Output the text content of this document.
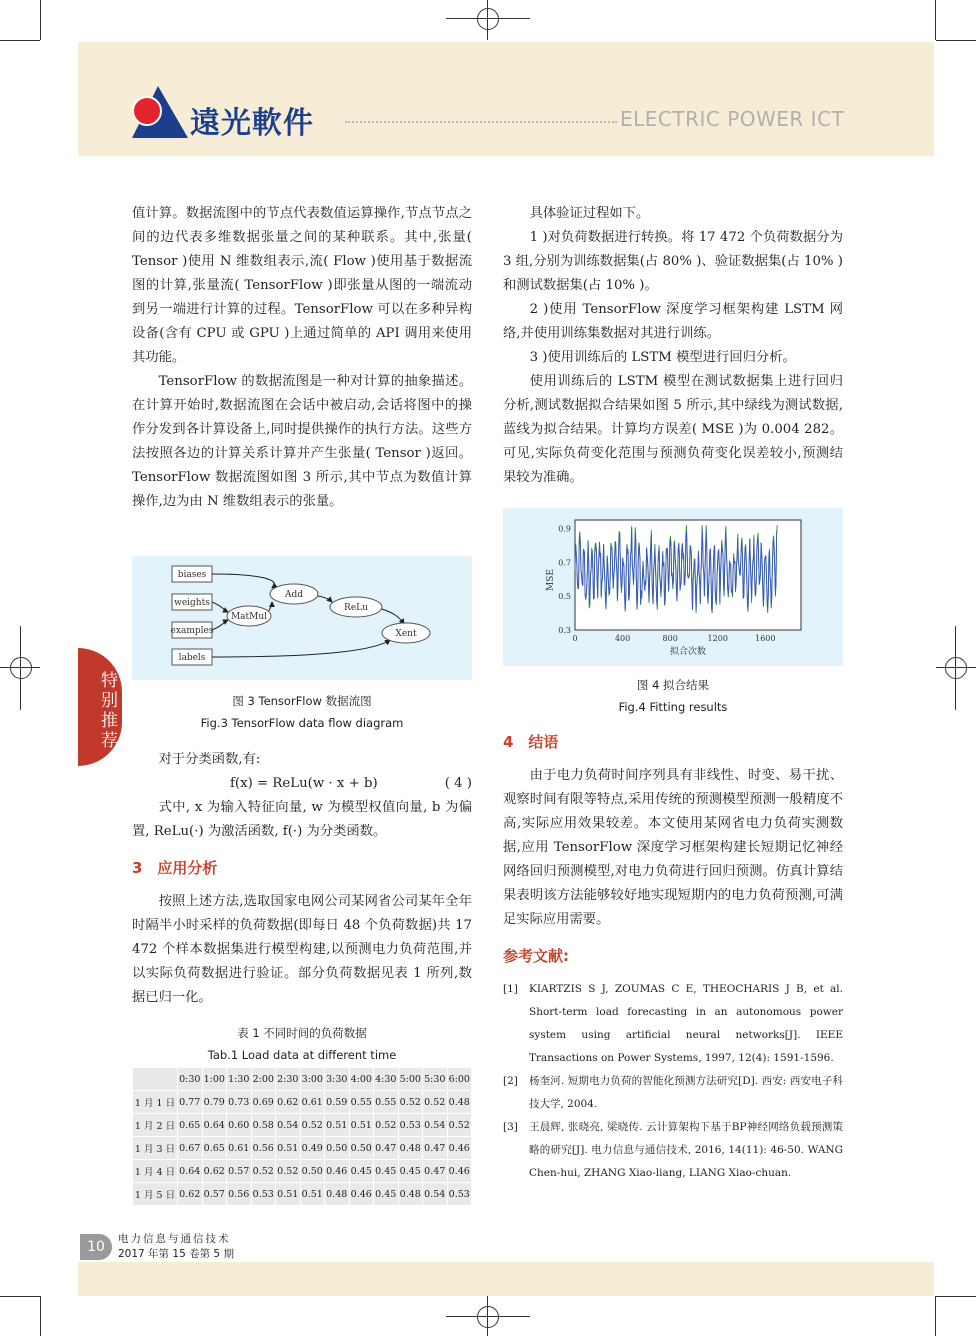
遠光軟件	ELECTRIC POWER ICT
特别推荐

值计算。数据流图中的节点代表数值运算操作,节点节点之间的边代表多维数据张量之间的某种联系。其中,张量( Tensor )使用 N 维数组表示,流( Flow )使用基于数据流图的计算,张量流( TensorFlow )即张量从图的一端流动到另一端进行计算的过程。TensorFlow 可以在多种异构设备(含有 CPU 或 GPU )上通过简单的 API 调用来使用其功能。

TensorFlow 的数据流图是一种对计算的抽象描述。在计算开始时,数据流图在会话中被启动,会话将图中的操作分发到各计算设备上,同时提供操作的执行方法。这些方法按照各边的计算关系计算并产生张量( Tensor )返回。TensorFlow 数据流图如图 3 所示,其中节点为数值计算操作,边为由 N 维数组表示的张量。

biases
weights
examples
labels
MatMul
Add
ReLu
Xent
图 3 TensorFlow 数据流图
Fig.3 TensorFlow data flow diagram

对于分类函数,有:

f(x) = ReLu(w · x + b)	( 4 )

式中, x 为输入特征向量, w 为模型权值向量, b 为偏置, ReLu(·) 为激活函数, f(·) 为分类函数。

3　应用分析

按照上述方法,选取国家电网公司某网省公司某年全年时隔半小时采样的负荷数据(即每日 48 个负荷数据)共 17 472 个样本数据集进行模型构建,以预测电力负荷范围,并以实际负荷数据进行验证。部分负荷数据见表 1 所列,数据已归一化。

表 1 不同时间的负荷数据
Tab.1 Load data at different time
	0:30	1:00	1:30	2:00	2:30	3:00	3:30	4:00	4:30	5:00	5:30	6:00
1 月 1 日	0.77	0.79	0.73	0.69	0.62	0.61	0.59	0.55	0.55	0.52	0.52	0.48
1 月 2 日	0.65	0.64	0.60	0.58	0.54	0.52	0.51	0.51	0.52	0.53	0.54	0.52
1 月 3 日	0.67	0.65	0.61	0.56	0.51	0.49	0.50	0.50	0.47	0.48	0.47	0.46
1 月 4 日	0.64	0.62	0.57	0.52	0.52	0.50	0.46	0.45	0.45	0.45	0.47	0.46
1 月 5 日	0.62	0.57	0.56	0.53	0.51	0.51	0.48	0.46	0.45	0.48	0.54	0.53

具体验证过程如下。

1 )对负荷数据进行转换。将 17 472 个负荷数据分为 3 组,分别为训练数据集(占 80% )、验证数据集(占 10% )和测试数据集(占 10% )。

2 )使用 TensorFlow 深度学习框架构建 LSTM 网络,并使用训练集数据对其进行训练。

3 )使用训练后的 LSTM 模型进行回归分析。

使用训练后的 LSTM 模型在测试数据集上进行回归分析,测试数据拟合结果如图 5 所示,其中绿线为测试数据,蓝线为拟合结果。计算均方误差( MSE )为 0.004 282。可见,实际负荷变化范围与预测负荷变化误差较小,预测结果较为准确。

0	400	800	1200	1600
0.3
0.5
0.7
0.9
拟合次数
MSE
图 4 拟合结果
Fig.4 Fitting results
4　结语

由于电力负荷时间序列具有非线性、时变、易干扰、观察时间有限等特点,采用传统的预测模型预测一般精度不高,实际应用效果较差。本文使用某网省电力负荷实测数据,应用 TensorFlow 深度学习框架构建长短期记忆神经网络回归预测模型,对电力负荷进行回归预测。仿真计算结果表明该方法能够较好地实现短期内的电力负荷预测,可满足实际应用需要。

参考文献:
[1]	KIARTZIS S J, ZOUMAS C E, THEOCHARIS J B, et al. Short-term load forecasting in an autonomous power system using artificial neural networks[J]. IEEE Transactions on Power Systems, 1997, 12(4): 1591-1596.
[2]	杨奎河. 短期电力负荷的智能化预测方法研究[D]. 西安: 西安电子科技大学, 2004.
[3]	王晨辉, 张晓亮, 梁晓传. 云计算架构下基于BP神经网络负载预测策略的研究[J]. 电力信息与通信技术, 2016, 14(11): 46-50. WANG Chen-hui, ZHANG Xiao-liang, LIANG Xiao-chuan.
10	电力信息与通信技术
2017 年第 15 卷第 5 期
